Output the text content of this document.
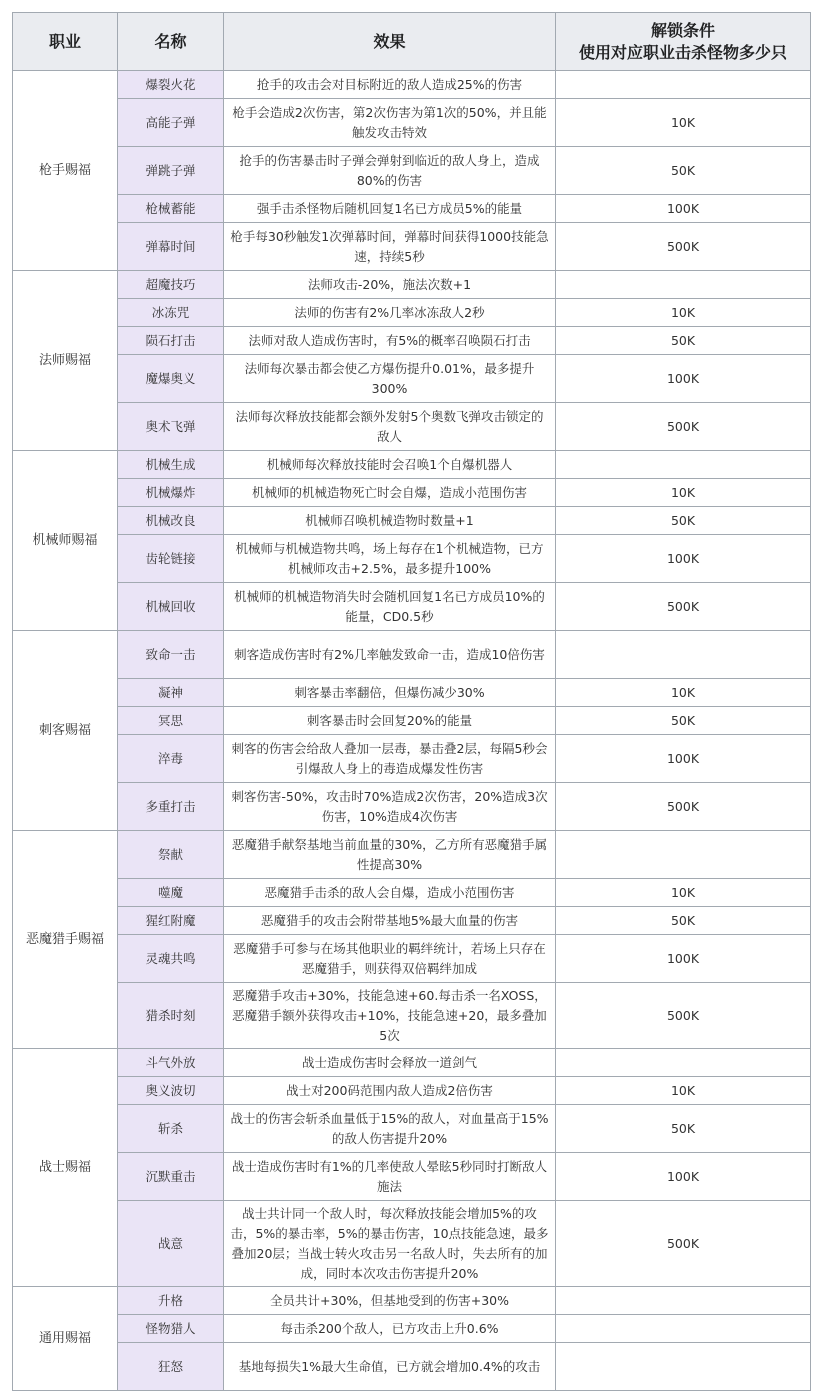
职业	名称	效果	解锁条件
使用对应职业击杀怪物多少只

枪手赐福	爆裂火花	抢手的攻击会对目标附近的敌人造成25%的伤害	
	高能子弹	枪手会造成2次伤害，第2次伤害为第1次的50%，并且能触发攻击特效	10K
	弹跳子弹	抢手的伤害暴击时子弹会弹射到临近的敌人身上，造成80%的伤害	50K
	枪械蓄能	强手击杀怪物后随机回复1名已方成员5%的能量	100K
	弹幕时间	枪手每30秒触发1次弹幕时间，弹幕时间获得1000技能急速，持续5秒	500K
法师赐福	超魔技巧	法师攻击-20%，施法次数+1	
	冰冻咒	法师的伤害有2%几率冰冻敌人2秒	10K
	陨石打击	法师对敌人造成伤害时，有5%的概率召唤陨石打击	50K
	魔爆奥义	法师每次暴击都会使乙方爆伤提升0.01%，最多提升300%	100K
	奥术飞弹	法师每次释放技能都会额外发射5个奥数飞弹攻击锁定的敌人	500K
机械师赐福	机械生成	机械师每次释放技能时会召唤1个自爆机器人	
	机械爆炸	机械师的机械造物死亡时会自爆，造成小范围伤害	10K
	机械改良	机械师召唤机械造物时数量+1	50K
	齿轮链接	机械师与机械造物共鸣，场上每存在1个机械造物，已方机械师攻击+2.5%，最多提升100%	100K
	机械回收	机械师的机械造物消失时会随机回复1名已方成员10%的能量，CD0.5秒	500K
刺客赐福	致命一击	刺客造成伤害时有2%几率触发致命一击，造成10倍伤害	
	凝神	刺客暴击率翻倍，但爆伤减少30%	10K
	冥思	刺客暴击时会回复20%的能量	50K
	淬毒	刺客的伤害会给敌人叠加一层毒，暴击叠2层，每隔5秒会引爆敌人身上的毒造成爆发性伤害	100K
	多重打击	刺客伤害-50%，攻击时70%造成2次伤害，20%造成3次伤害，10%造成4次伤害	500K
恶魔猎手赐福	祭献	恶魔猎手献祭基地当前血量的30%，乙方所有恶魔猎手属性提高30%	
	噬魔	恶魔猎手击杀的敌人会自爆，造成小范围伤害	10K
	猩红附魔	恶魔猎手的攻击会附带基地5%最大血量的伤害	50K
	灵魂共鸣	恶魔猎手可参与在场其他职业的羁绊统计，若场上只存在恶魔猎手，则获得双倍羁绊加成	100K
	猎杀时刻	恶魔猎手攻击+30%，技能急速+60.每击杀一名XOSS，恶魔猎手额外获得攻击+10%，技能急速+20，最多叠加5次	500K
战士赐福	斗气外放	战士造成伤害时会释放一道剑气	
	奥义波切	战士对200码范围内敌人造成2倍伤害	10K
	斩杀	战士的伤害会斩杀血量低于15%的敌人，对血量高于15%的敌人伤害提升20%	50K
	沉默重击	战士造成伤害时有1%的几率使敌人晕眩5秒同时打断敌人施法	100K
	战意	战士共计同一个敌人时，每次释放技能会增加5%的攻击，5%的暴击率，5%的暴击伤害，10点技能急速，最多叠加20层；当战士转火攻击另一名敌人时，失去所有的加成，同时本次攻击伤害提升20%	500K
通用赐福	升格	全员共计+30%，但基地受到的伤害+30%	
	怪物猎人	每击杀200个敌人，已方攻击上升0.6%	
	狂怒	基地每损失1%最大生命值，已方就会增加0.4%的攻击	
